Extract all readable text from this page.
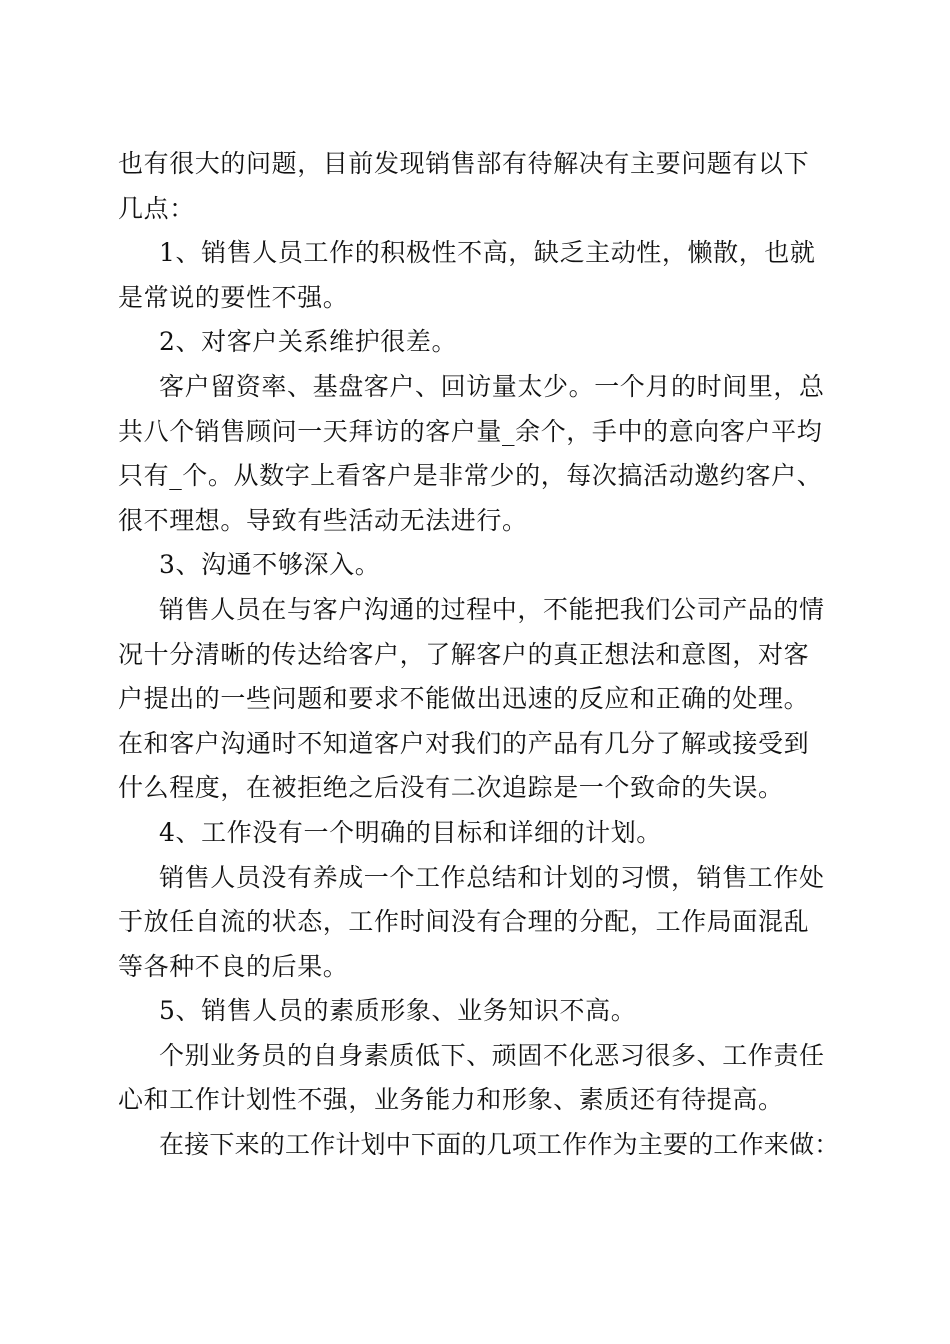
也有很大的问题，目前发现销售部有待解决有主要问题有以下
几点：
1、销售人员工作的积极性不高，缺乏主动性，懒散，也就
是常说的要性不强。
2、对客户关系维护很差。
客户留资率、基盘客户、回访量太少。一个月的时间里，总
共八个销售顾问一天拜访的客户量_余个，手中的意向客户平均
只有_个。从数字上看客户是非常少的，每次搞活动邀约客户、
很不理想。导致有些活动无法进行。
3、沟通不够深入。
销售人员在与客户沟通的过程中，不能把我们公司产品的情
况十分清晰的传达给客户，了解客户的真正想法和意图，对客
户提出的一些问题和要求不能做出迅速的反应和正确的处理。
在和客户沟通时不知道客户对我们的产品有几分了解或接受到
什么程度，在被拒绝之后没有二次追踪是一个致命的失误。
4、工作没有一个明确的目标和详细的计划。
销售人员没有养成一个工作总结和计划的习惯，销售工作处
于放任自流的状态，工作时间没有合理的分配，工作局面混乱
等各种不良的后果。
5、销售人员的素质形象、业务知识不高。
个别业务员的自身素质低下、顽固不化恶习很多、工作责任
心和工作计划性不强，业务能力和形象、素质还有待提高。
在接下来的工作计划中下面的几项工作作为主要的工作来做：
